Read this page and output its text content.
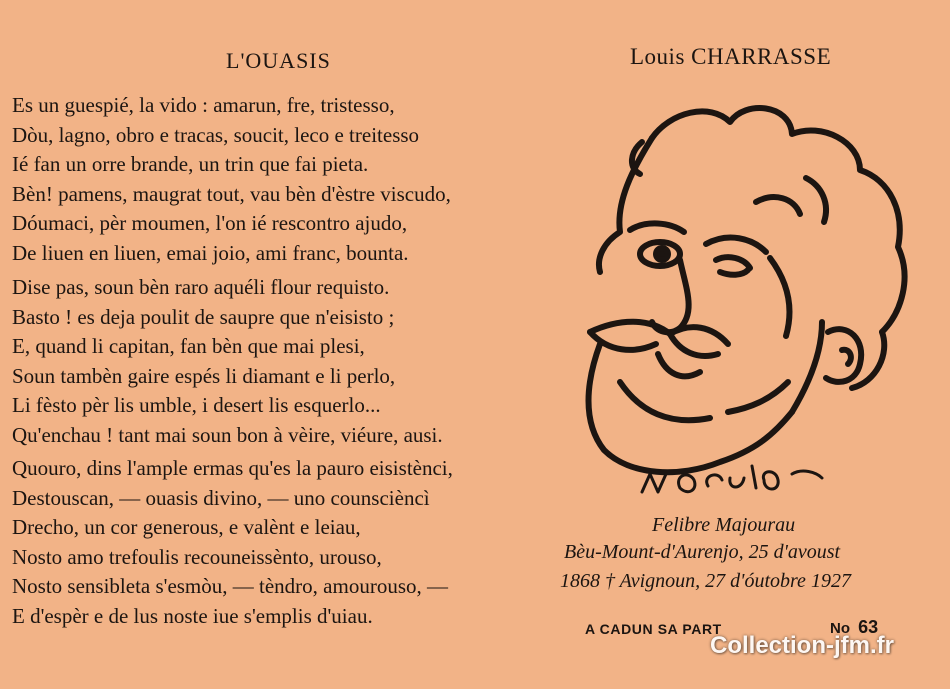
L'OUASIS	Louis CHARRASSE
Es un guespié, la vido : amarun, fre, tristesso,
Dòu, lagno, obro e tracas, soucit, leco e treitesso
Ié fan un orre brande, un trin que fai pieta.
Bèn! pamens, maugrat tout, vau bèn d'èstre viscudo,
Dóumaci, pèr moumen, l'on ié rescontro ajudo,
De liuen en liuen, emai joio, ami franc, bounta.
Dise pas, soun bèn raro aquéli flour requisto.
Basto ! es deja poulit de saupre que n'eisisto ;
E, quand li capitan, fan bèn que mai plesi,
Soun tambèn gaire espés li diamant e li perlo,
Li fèsto pèr lis umble, i desert lis esquerlo...
Qu'enchau ! tant mai soun bon à vèire, viéure, ausi.
Quouro, dins l'ample ermas qu'es la pauro eisistènci,
Destouscan, — ouasis divino, — uno counscièncì
Drecho, un cor generous, e valènt e leiau,
Nosto amo trefoulis recouneissènto, urouso,
Nosto sensibleta s'esmòu, — tèndro, amourouso, —
E d'espèr e de lus noste iue s'emplis d'uiau.
Felibre Majourau
Bèu-Mount-d'Aurenjo, 25 d'avoust
1868 † Avignoun, 27 d'óutobre 1927
A CADUN SA PART	No 63
Collection-jfm.fr
